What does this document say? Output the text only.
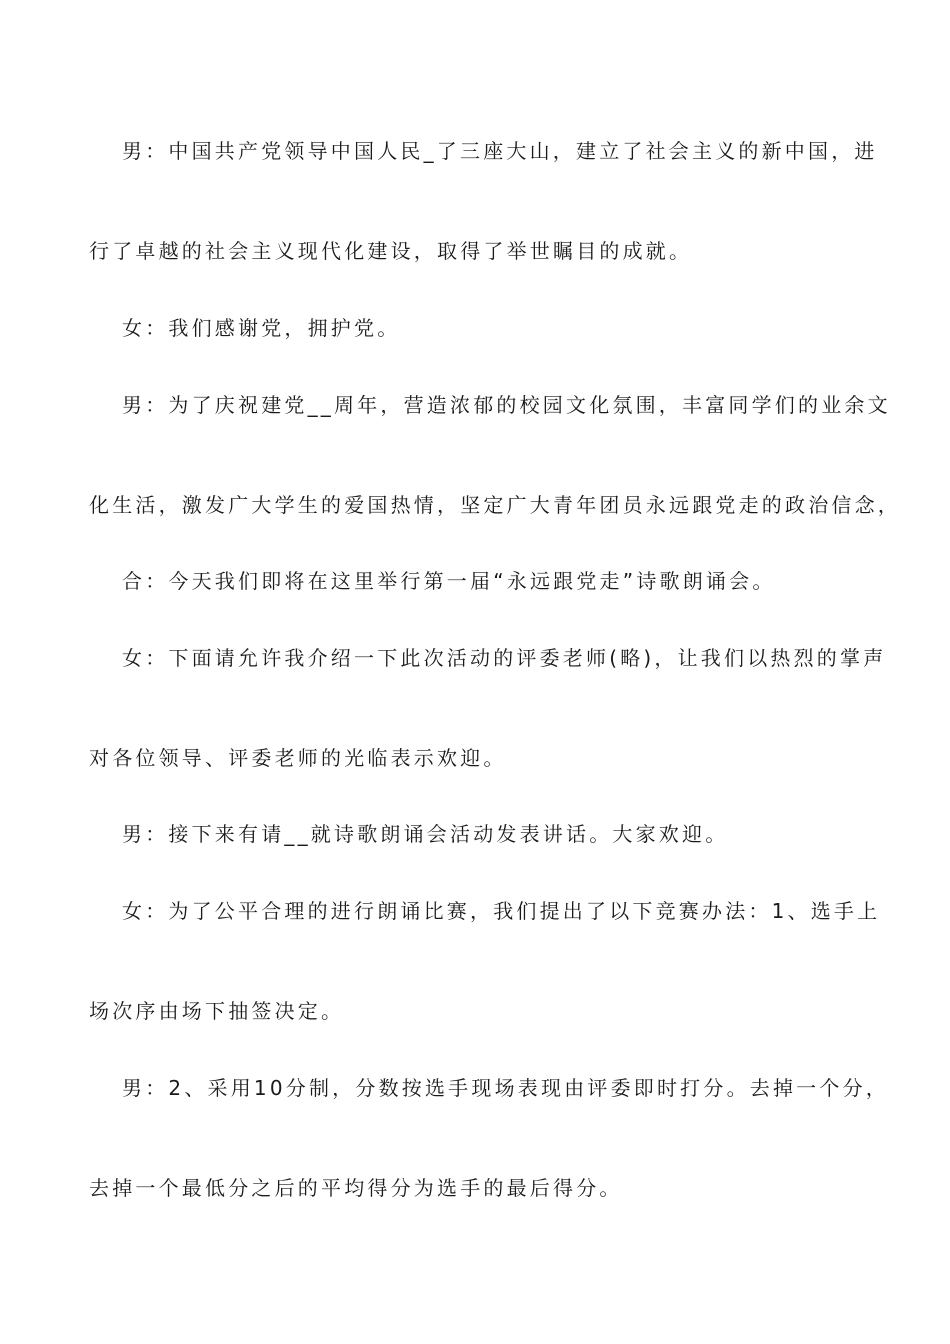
男：中国共产党领导中国人民_了三座大山，建立了社会主义的新中国，进
行了卓越的社会主义现代化建设，取得了举世瞩目的成就。
女：我们感谢党，拥护党。
男：为了庆祝建党__周年，营造浓郁的校园文化氛围，丰富同学们的业余文
化生活，激发广大学生的爱国热情，坚定广大青年团员永远跟党走的政治信念，
合：今天我们即将在这里举行第一届“永远跟党走”诗歌朗诵会。
女：下面请允许我介绍一下此次活动的评委老师(略)，让我们以热烈的掌声
对各位领导、评委老师的光临表示欢迎。
男：接下来有请__就诗歌朗诵会活动发表讲话。大家欢迎。
女：为了公平合理的进行朗诵比赛，我们提出了以下竞赛办法：1、选手上
场次序由场下抽签决定。
男：2、采用10分制，分数按选手现场表现由评委即时打分。去掉一个分，
去掉一个最低分之后的平均得分为选手的最后得分。
